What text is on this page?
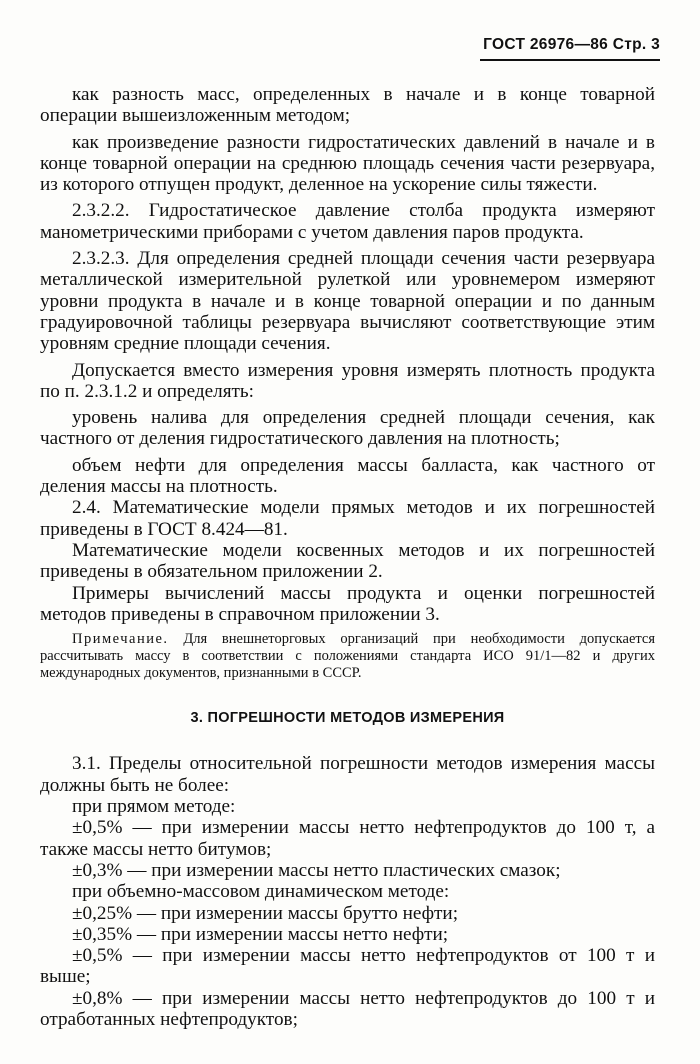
ГОСТ 26976—86 Стр. 3

как разность масс, определенных в начале и в конце товарной операции вышеизложенным методом;

как произведение разности гидростатических давлений в начале и в конце товарной операции на среднюю площадь сечения части резервуара, из которого отпущен продукт, деленное на ускорение силы тяжести.

2.3.2.2. Гидростатическое давление столба продукта измеряют манометрическими приборами с учетом давления паров продукта.

2.3.2.3. Для определения средней площади сечения части резервуара металлической измерительной рулеткой или уровнемером измеряют уровни продукта в начале и в конце товарной операции и по данным градуировочной таблицы резервуара вычисляют соответствующие этим уровням средние площади сечения.

Допускается вместо измерения уровня измерять плотность продукта по п. 2.3.1.2 и определять:

уровень налива для определения средней площади сечения, как частного от деления гидростатического давления на плотность;

объем нефти для определения массы балласта, как частного от деления массы на плотность.

2.4. Математические модели прямых методов и их погрешностей приведены в ГОСТ 8.424—81.

Математические модели косвенных методов и их погрешностей приведены в обязательном приложении 2.

Примеры вычислений массы продукта и оценки погрешностей методов приведены в справочном приложении 3.

Примечание. Для внешнеторговых организаций при необходимости допускается рассчитывать массу в соответствии с положениями стандарта ИСО 91/1—82 и других международных документов, признанными в СССР.
3. ПОГРЕШНОСТИ МЕТОДОВ ИЗМЕРЕНИЯ

3.1. Пределы относительной погрешности методов измерения массы должны быть не более:

при прямом методе:

±0,5% — при измерении массы нетто нефтепродуктов до 100 т, а также массы нетто битумов;

±0,3% — при измерении массы нетто пластических смазок;

при объемно-массовом динамическом методе:

±0,25% — при измерении массы брутто нефти;

±0,35% — при измерении массы нетто нефти;

±0,5% — при измерении массы нетто нефтепродуктов от 100 т и выше;

±0,8% — при измерении массы нетто нефтепродуктов до 100 т и отработанных нефтепродуктов;
